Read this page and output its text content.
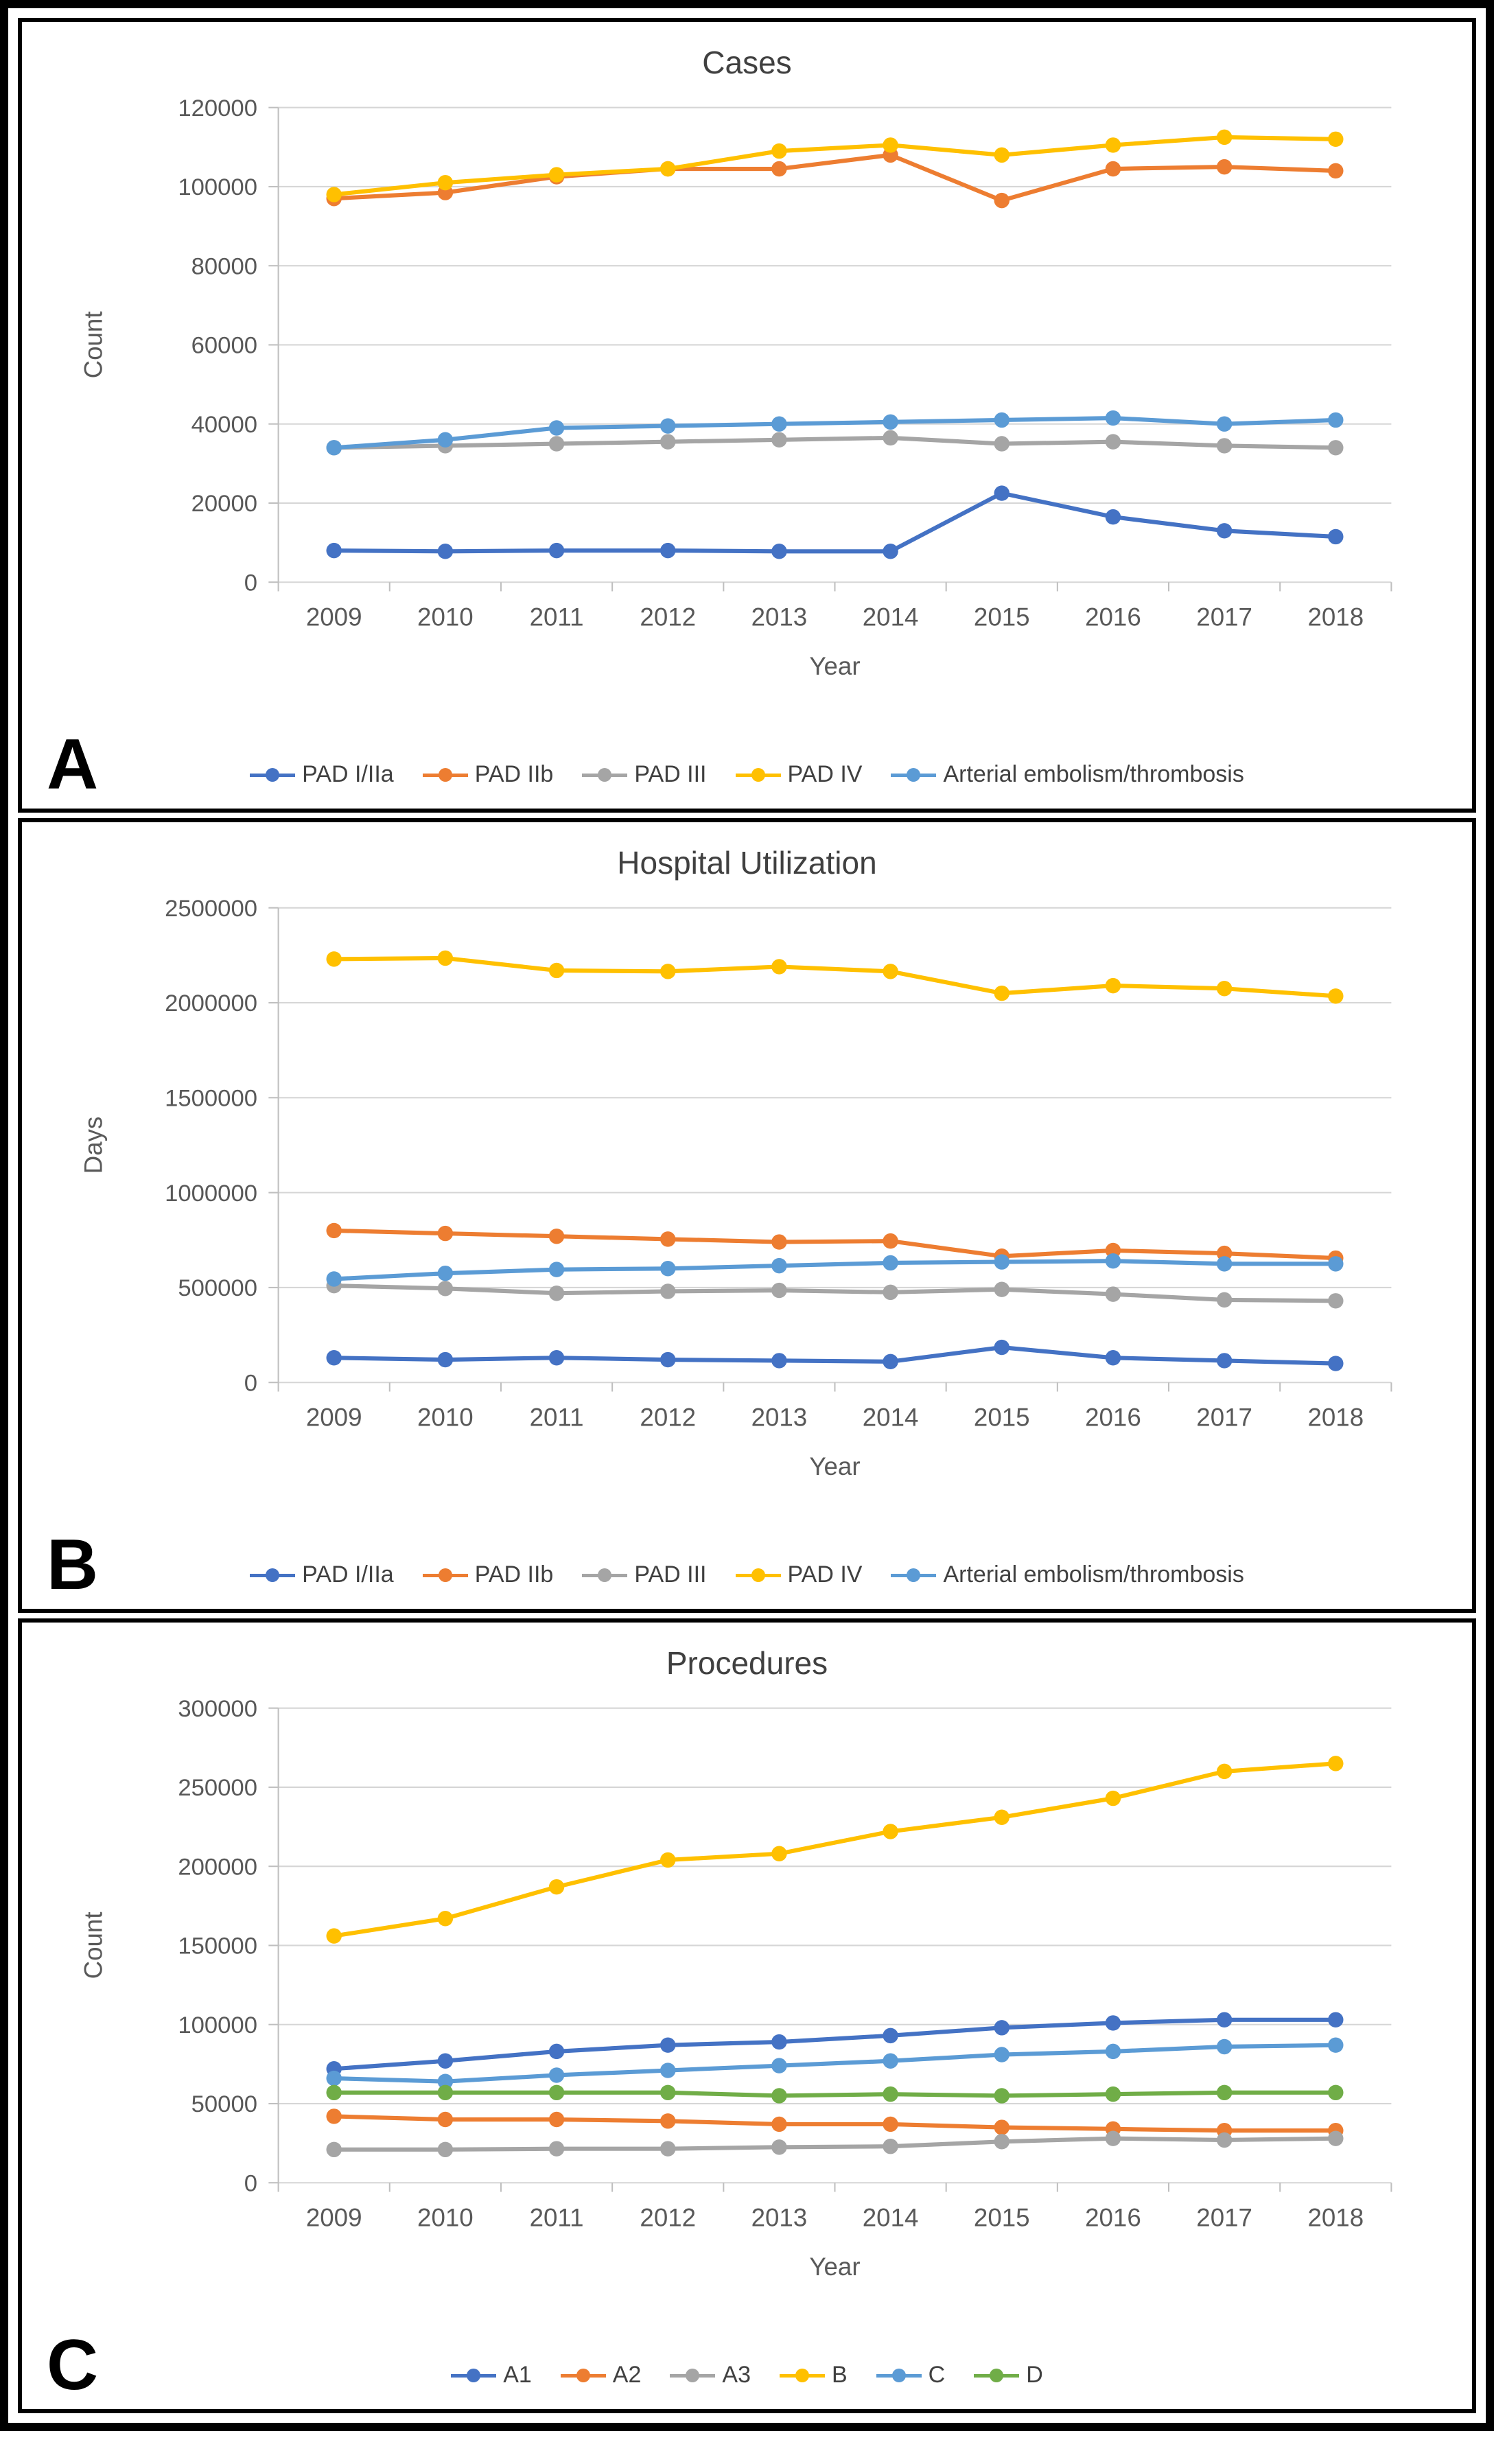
Cases
0
20000
40000
60000
80000
100000
120000
2009 2010 2011 2012 2013 2014 2015 2016 2017 2018
Year
Count
PAD I/IIa	PAD IIb	PAD III	PAD IV	Arterial embolism/thrombosis
A
Hospital Utilization
0
500000
1000000
1500000
2000000
2500000
2009 2010 2011 2012 2013 2014 2015 2016 2017 2018
Year
Days
PAD I/IIa	PAD IIb	PAD III	PAD IV	Arterial embolism/thrombosis
B
Procedures
0
50000
100000
150000
200000
250000
300000
2009 2010 2011 2012 2013 2014 2015 2016 2017 2018
Year
Count
A1	A2	A3	B	C	D
C
